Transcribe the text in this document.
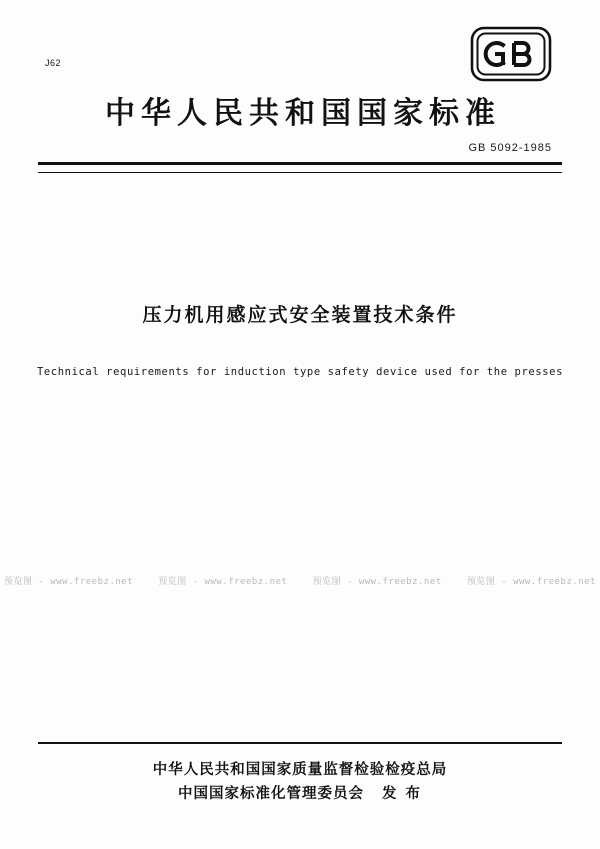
J62
中华人民共和国国家标准
GB 5092-1985
压力机用感应式安全装置技术条件
Technical requirements for induction type safety device used for the presses
预览图 - www.freebz.net	预览图 - www.freebz.net	预览图 - www.freebz.net	预览图 - www.freebz.net
中华人民共和国国家质量监督检验检疫总局
中国国家标准化管理委员会 发 布
